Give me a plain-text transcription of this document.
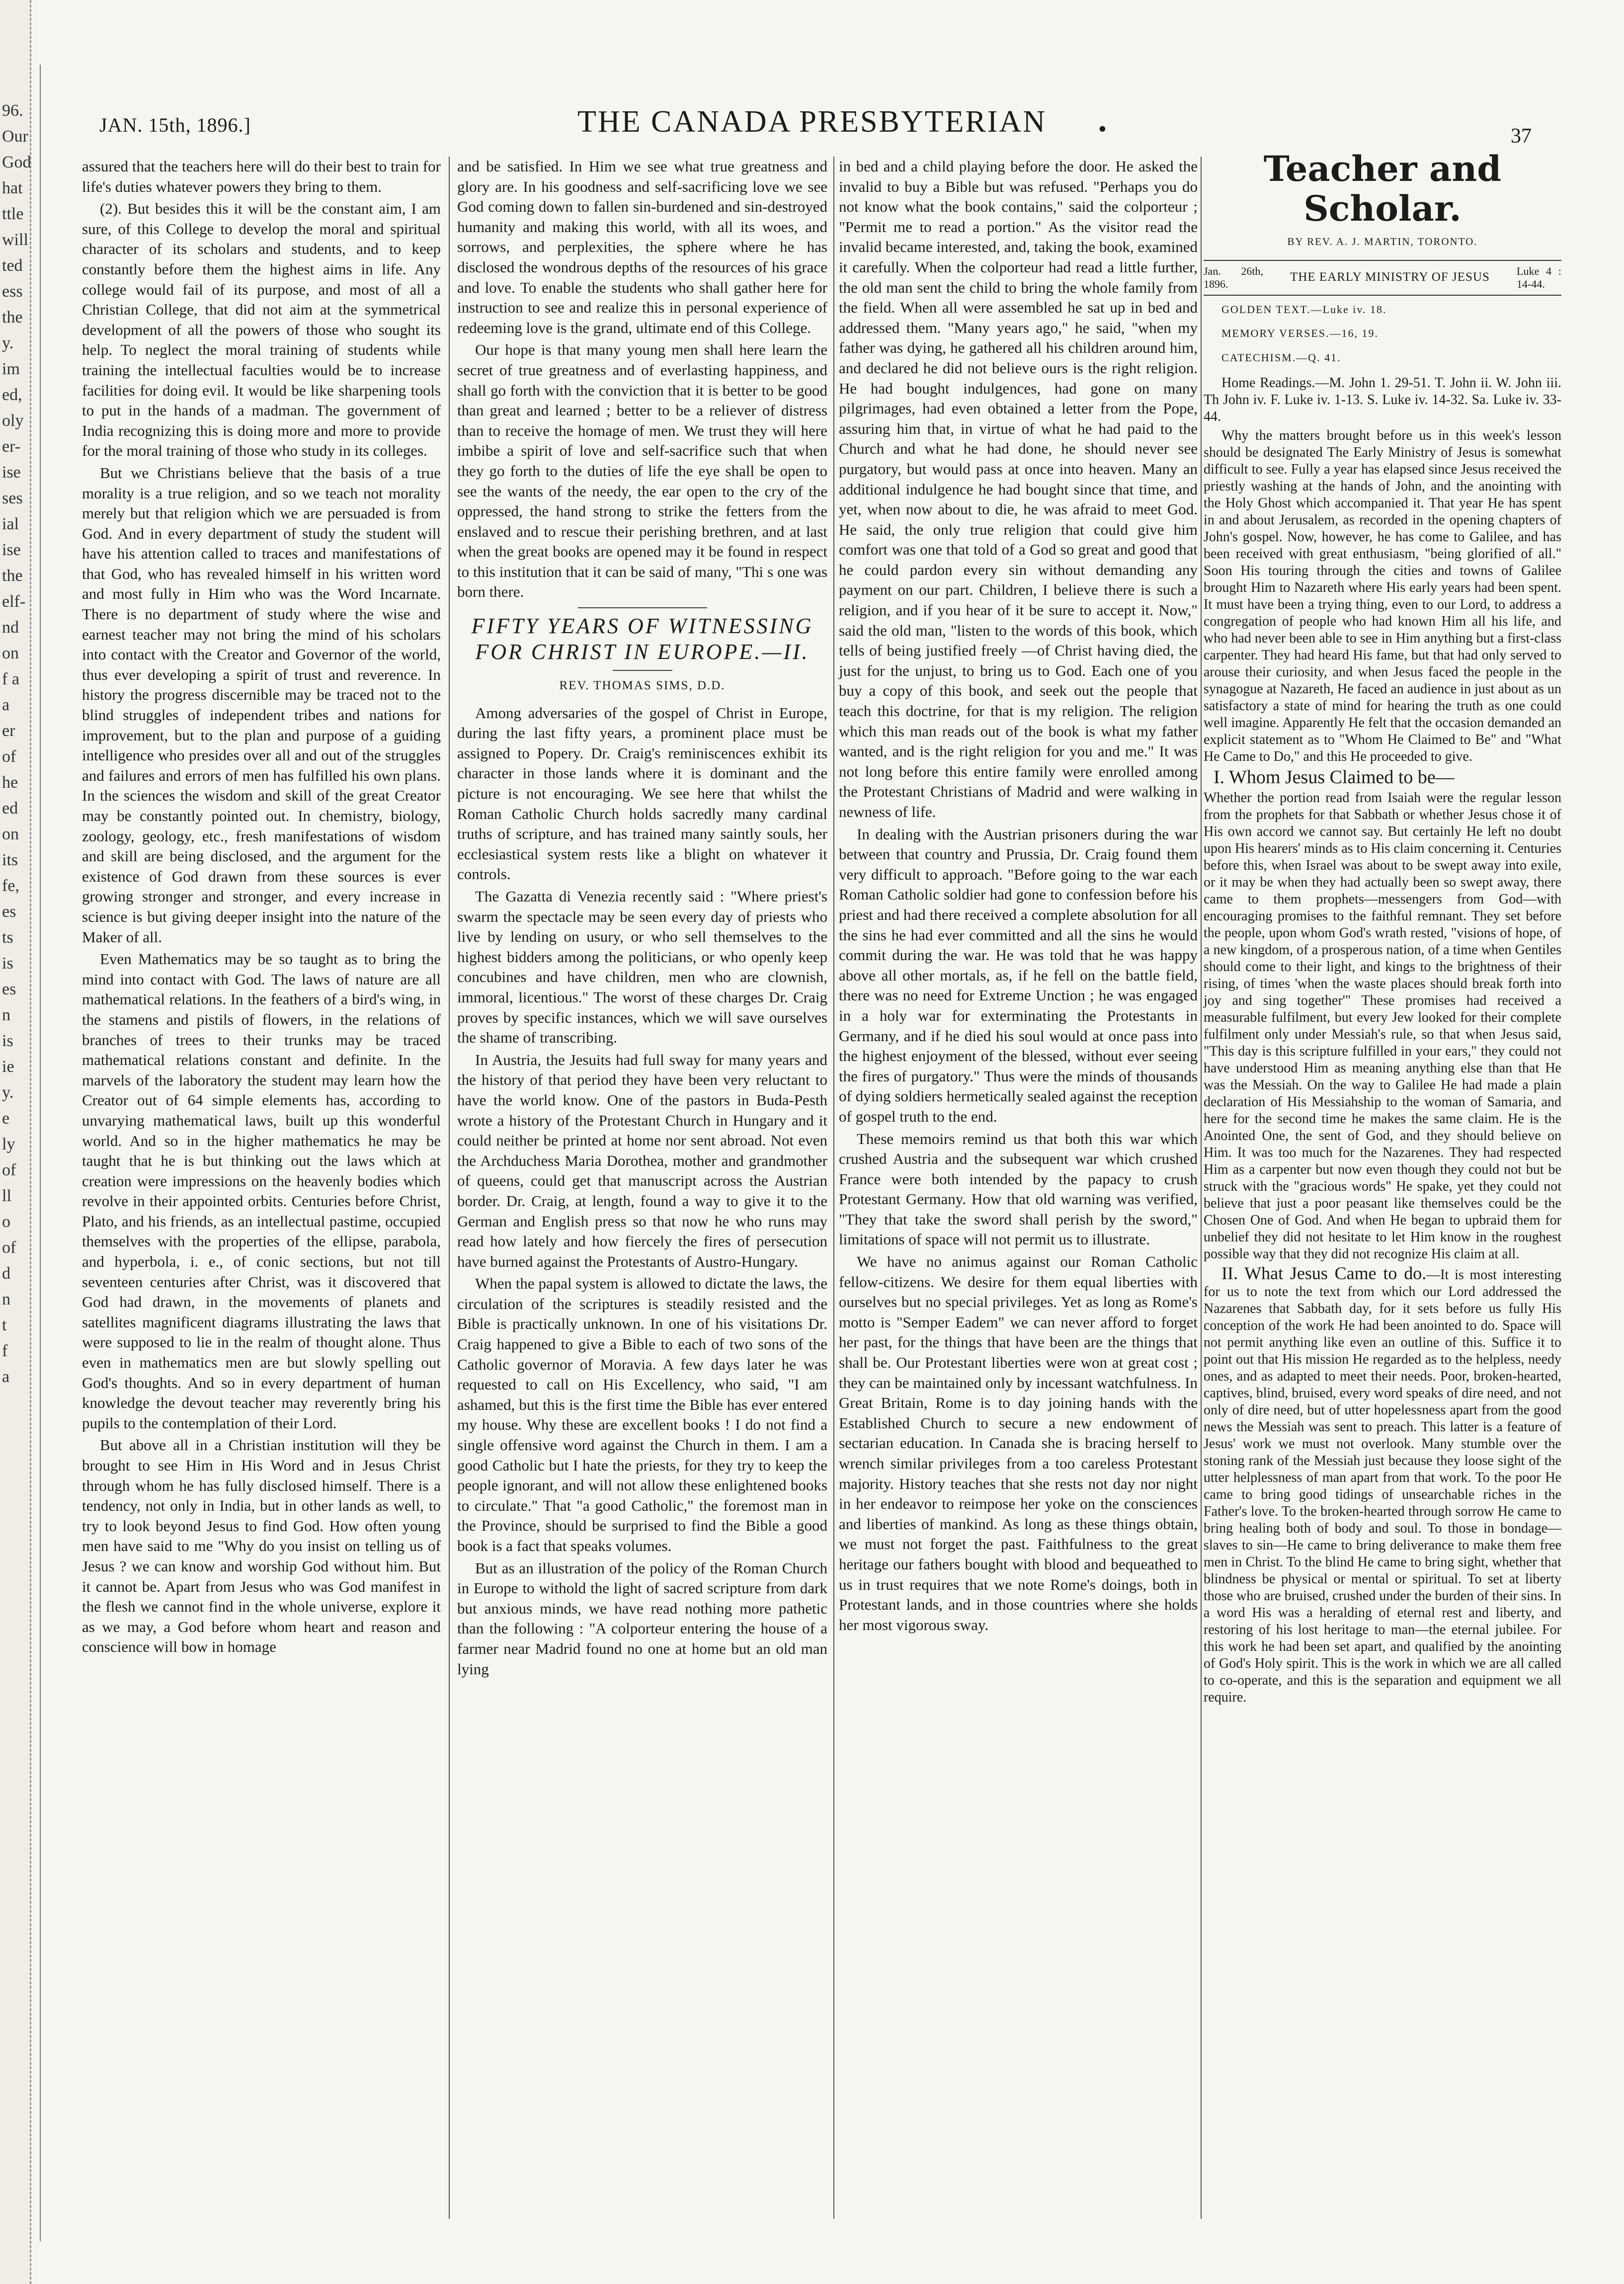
96.
Our
God
hat
ttle
will
ted
ess
the
y.
im
ed,
oly
er-
ise
ses
ial
ise
the
elf-
nd
on
f a
a
er
of
he
ed
on
its
fe,
es
ts
is
es
n
is
ie
y.
e
ly
of
ll
o
of
d
n
t
f
a
JAN. 15th, 1896.]	THE CANADA PRESBYTERIAN	•	37

assured that the teachers here will do their best to train for life's duties whatever powers they bring to them.

(2). But besides this it will be the constant aim, I am sure, of this College to develop the moral and spiritual character of its scholars and students, and to keep constantly before them the highest aims in life. Any college would fail of its purpose, and most of all a Christian College, that did not aim at the symmetrical development of all the powers of those who sought its help. To neglect the moral training of students while training the intellectual faculties would be to increase facilities for doing evil. It would be like sharpening tools to put in the hands of a madman. The government of India recognizing this is doing more and more to provide for the moral training of those who study in its colleges.

But we Christians believe that the basis of a true morality is a true religion, and so we teach not morality merely but that religion which we are persuaded is from God. And in every department of study the student will have his attention called to traces and manifestations of that God, who has revealed himself in his written word and most fully in Him who was the Word Incarnate. There is no department of study where the wise and earnest teacher may not bring the mind of his scholars into contact with the Creator and Governor of the world, thus ever developing a spirit of trust and reverence. In history the progress discernible may be traced not to the blind struggles of independent tribes and nations for improvement, but to the plan and purpose of a guiding intelligence who presides over all and out of the struggles and failures and errors of men has fulfilled his own plans. In the sciences the wisdom and skill of the great Creator may be constantly pointed out. In chemistry, biology, zoology, geology, etc., fresh manifestations of wisdom and skill are being disclosed, and the argument for the existence of God drawn from these sources is ever growing stronger and stronger, and every increase in science is but giving deeper insight into the nature of the Maker of all.

Even Mathematics may be so taught as to bring the mind into contact with God. The laws of nature are all mathematical relations. In the feathers of a bird's wing, in the stamens and pistils of flowers, in the relations of branches of trees to their trunks may be traced mathematical relations constant and definite. In the marvels of the laboratory the student may learn how the Creator out of 64 simple elements has, according to unvarying mathematical laws, built up this wonderful world. And so in the higher mathematics he may be taught that he is but thinking out the laws which at creation were impressions on the heavenly bodies which revolve in their appointed orbits. Centuries before Christ, Plato, and his friends, as an intellectual pastime, occupied themselves with the properties of the ellipse, parabola, and hyperbola, i. e., of conic sections, but not till seventeen centuries after Christ, was it discovered that God had drawn, in the movements of planets and satellites magnificent diagrams illustrating the laws that were supposed to lie in the realm of thought alone. Thus even in mathematics men are but slowly spelling out God's thoughts. And so in every department of human knowledge the devout teacher may reverently bring his pupils to the contemplation of their Lord.

But above all in a Christian institution will they be brought to see Him in His Word and in Jesus Christ through whom he has fully disclosed himself. There is a tendency, not only in India, but in other lands as well, to try to look beyond Jesus to find God. How often young men have said to me "Why do you insist on telling us of Jesus ? we can know and worship God without him. But it cannot be. Apart from Jesus who was God manifest in the flesh we cannot find in the whole universe, explore it as we may, a God before whom heart and reason and conscience will bow in homage

and be satisfied. In Him we see what true greatness and glory are. In his goodness and self-sacrificing love we see God coming down to fallen sin-burdened and sin-destroyed humanity and making this world, with all its woes, and sorrows, and perplexities, the sphere where he has disclosed the wondrous depths of the resources of his grace and love. To enable the students who shall gather here for instruction to see and realize this in personal experience of redeeming love is the grand, ultimate end of this College.

Our hope is that many young men shall here learn the secret of true greatness and of everlasting happiness, and shall go forth with the conviction that it is better to be good than great and learned ; better to be a reliever of distress than to receive the homage of men. We trust they will here imbibe a spirit of love and self-sacrifice such that when they go forth to the duties of life the eye shall be open to see the wants of the needy, the ear open to the cry of the oppressed, the hand strong to strike the fetters from the enslaved and to rescue their perishing brethren, and at last when the great books are opened may it be found in respect to this institution that it can be said of many, "Thi s one was born there.

FIFTY YEARS OF WITNESSING
FOR CHRIST IN EUROPE.—II.

REV. THOMAS SIMS, D.D.

Among adversaries of the gospel of Christ in Europe, during the last fifty years, a prominent place must be assigned to Popery. Dr. Craig's reminiscences exhibit its character in those lands where it is dominant and the picture is not encouraging. We see here that whilst the Roman Catholic Church holds sacredly many cardinal truths of scripture, and has trained many saintly souls, her ecclesiastical system rests like a blight on whatever it controls.

The Gazatta di Venezia recently said : "Where priest's swarm the spectacle may be seen every day of priests who live by lending on usury, or who sell themselves to the highest bidders among the politicians, or who openly keep concubines and have children, men who are clownish, immoral, licentious." The worst of these charges Dr. Craig proves by specific instances, which we will save ourselves the shame of transcribing.

In Austria, the Jesuits had full sway for many years and the history of that period they have been very reluctant to have the world know. One of the pastors in Buda-Pesth wrote a history of the Protestant Church in Hungary and it could neither be printed at home nor sent abroad. Not even the Archduchess Maria Dorothea, mother and grandmother of queens, could get that manuscript across the Austrian border. Dr. Craig, at length, found a way to give it to the German and English press so that now he who runs may read how lately and how fiercely the fires of persecution have burned against the Protestants of Austro-Hungary.

When the papal system is allowed to dictate the laws, the circulation of the scriptures is steadily resisted and the Bible is practically unknown. In one of his visitations Dr. Craig happened to give a Bible to each of two sons of the Catholic governor of Moravia. A few days later he was requested to call on His Excellency, who said, "I am ashamed, but this is the first time the Bible has ever entered my house. Why these are excellent books ! I do not find a single offensive word against the Church in them. I am a good Catholic but I hate the priests, for they try to keep the people ignorant, and will not allow these enlightened books to circulate." That "a good Catholic," the foremost man in the Province, should be surprised to find the Bible a good book is a fact that speaks volumes.

But as an illustration of the policy of the Roman Church in Europe to withold the light of sacred scripture from dark but anxious minds, we have read nothing more pathetic than the following : "A colporteur entering the house of a farmer near Madrid found no one at home but an old man lying

in bed and a child playing before the door. He asked the invalid to buy a Bible but was refused. "Perhaps you do not know what the book contains," said the colporteur ; "Permit me to read a portion." As the visitor read the invalid became interested, and, taking the book, examined it carefully. When the colporteur had read a little further, the old man sent the child to bring the whole family from the field. When all were assembled he sat up in bed and addressed them. "Many years ago," he said, "when my father was dying, he gathered all his children around him, and declared he did not believe ours is the right religion. He had bought indulgences, had gone on many pilgrimages, had even obtained a letter from the Pope, assuring him that, in virtue of what he had paid to the Church and what he had done, he should never see purgatory, but would pass at once into heaven. Many an additional indulgence he had bought since that time, and yet, when now about to die, he was afraid to meet God. He said, the only true religion that could give him comfort was one that told of a God so great and good that he could pardon every sin without demanding any payment on our part. Children, I believe there is such a religion, and if you hear of it be sure to accept it. Now," said the old man, "listen to the words of this book, which tells of being justified freely —of Christ having died, the just for the unjust, to bring us to God. Each one of you buy a copy of this book, and seek out the people that teach this doctrine, for that is my religion. The religion which this man reads out of the book is what my father wanted, and is the right religion for you and me." It was not long before this entire family were enrolled among the Protestant Christians of Madrid and were walking in newness of life.

In dealing with the Austrian prisoners during the war between that country and Prussia, Dr. Craig found them very difficult to approach. "Before going to the war each Roman Catholic soldier had gone to confession before his priest and had there received a complete absolution for all the sins he had ever committed and all the sins he would commit during the war. He was told that he was happy above all other mortals, as, if he fell on the battle field, there was no need for Extreme Unction ; he was engaged in a holy war for exterminating the Protestants in Germany, and if he died his soul would at once pass into the highest enjoyment of the blessed, without ever seeing the fires of purgatory." Thus were the minds of thousands of dying soldiers hermetically sealed against the reception of gospel truth to the end.

These memoirs remind us that both this war which crushed Austria and the subsequent war which crushed France were both intended by the papacy to crush Protestant Germany. How that old warning was verified, "They that take the sword shall perish by the sword," limitations of space will not permit us to illustrate.

We have no animus against our Roman Catholic fellow-citizens. We desire for them equal liberties with ourselves but no special privileges. Yet as long as Rome's motto is "Semper Eadem" we can never afford to forget her past, for the things that have been are the things that shall be. Our Protestant liberties were won at great cost ; they can be maintained only by incessant watchfulness. In Great Britain, Rome is to day joining hands with the Established Church to secure a new endowment of sectarian education. In Canada she is bracing herself to wrench similar privileges from a too careless Protestant majority. History teaches that she rests not day nor night in her endeavor to reimpose her yoke on the consciences and liberties of mankind. As long as these things obtain, we must not forget the past. Faithfulness to the great heritage our fathers bought with blood and bequeathed to us in trust requires that we note Rome's doings, both in Protestant lands, and in those countries where she holds her most vigorous sway.

Teacher and Scholar.
BY REV. A. J. MARTIN, TORONTO.
Jan. 26th, 1896.	THE EARLY MINISTRY OF JESUS	Luke 4 : 14-44.
GOLDEN TEXT.—Luke iv. 18.
MEMORY VERSES.—16, 19.
CATECHISM.—Q. 41.

Home Readings.—M. John 1. 29-51. T. John ii. W. John iii. Th John iv. F. Luke iv. 1-13. S. Luke iv. 14-32. Sa. Luke iv. 33-44.

Why the matters brought before us in this week's lesson should be designated The Early Ministry of Jesus is somewhat difficult to see. Fully a year has elapsed since Jesus received the priestly washing at the hands of John, and the anointing with the Holy Ghost which accompanied it. That year He has spent in and about Jerusalem, as recorded in the opening chapters of John's gospel. Now, however, he has come to Galilee, and has been received with great enthusiasm, "being glorified of all." Soon His touring through the cities and towns of Galilee brought Him to Nazareth where His early years had been spent. It must have been a trying thing, even to our Lord, to address a congregation of people who had known Him all his life, and who had never been able to see in Him anything but a first-class carpenter. They had heard His fame, but that had only served to arouse their curiosity, and when Jesus faced the people in the synagogue at Nazareth, He faced an audience in just about as un satisfactory a state of mind for hearing the truth as one could well imagine. Apparently He felt that the occasion demanded an explicit statement as to "Whom He Claimed to Be" and "What He Came to Do," and this He proceeded to give.

I. Whom Jesus Claimed to be—

Whether the portion read from Isaiah were the regular lesson from the prophets for that Sabbath or whether Jesus chose it of His own accord we cannot say. But certainly He left no doubt upon His hearers' minds as to His claim concerning it. Centuries before this, when Israel was about to be swept away into exile, or it may be when they had actually been so swept away, there came to them prophets—messengers from God—with encouraging promises to the faithful remnant. They set before the people, upon whom God's wrath rested, "visions of hope, of a new kingdom, of a prosperous nation, of a time when Gentiles should come to their light, and kings to the brightness of their rising, of times 'when the waste places should break forth into joy and sing together'" These promises had received a measurable fulfilment, but every Jew looked for their complete fulfilment only under Messiah's rule, so that when Jesus said, "This day is this scripture fulfilled in your ears," they could not have understood Him as meaning anything else than that He was the Messiah. On the way to Galilee He had made a plain declaration of His Messiahship to the woman of Samaria, and here for the second time he makes the same claim. He is the Anointed One, the sent of God, and they should believe on Him. It was too much for the Nazarenes. They had respected Him as a carpenter but now even though they could not but be struck with the "gracious words" He spake, yet they could not believe that just a poor peasant like themselves could be the Chosen One of God. And when He began to upbraid them for unbelief they did not hesitate to let Him know in the roughest possible way that they did not recognize His claim at all.

II. What Jesus Came to do.—It is most interesting for us to note the text from which our Lord addressed the Nazarenes that Sabbath day, for it sets before us fully His conception of the work He had been anointed to do. Space will not permit anything like even an outline of this. Suffice it to point out that His mission He regarded as to the helpless, needy ones, and as adapted to meet their needs. Poor, broken-hearted, captives, blind, bruised, every word speaks of dire need, and not only of dire need, but of utter hopelessness apart from the good news the Messiah was sent to preach. This latter is a feature of Jesus' work we must not overlook. Many stumble over the stoning rank of the Messiah just because they loose sight of the utter helplessness of man apart from that work. To the poor He came to bring good tidings of unsearchable riches in the Father's love. To the broken-hearted through sorrow He came to bring healing both of body and soul. To those in bondage—slaves to sin—He came to bring deliverance to make them free men in Christ. To the blind He came to bring sight, whether that blindness be physical or mental or spiritual. To set at liberty those who are bruised, crushed under the burden of their sins. In a word His was a heralding of eternal rest and liberty, and restoring of his lost heritage to man—the eternal jubilee. For this work he had been set apart, and qualified by the anointing of God's Holy spirit. This is the work in which we are all called to co-operate, and this is the separation and equipment we all require.
